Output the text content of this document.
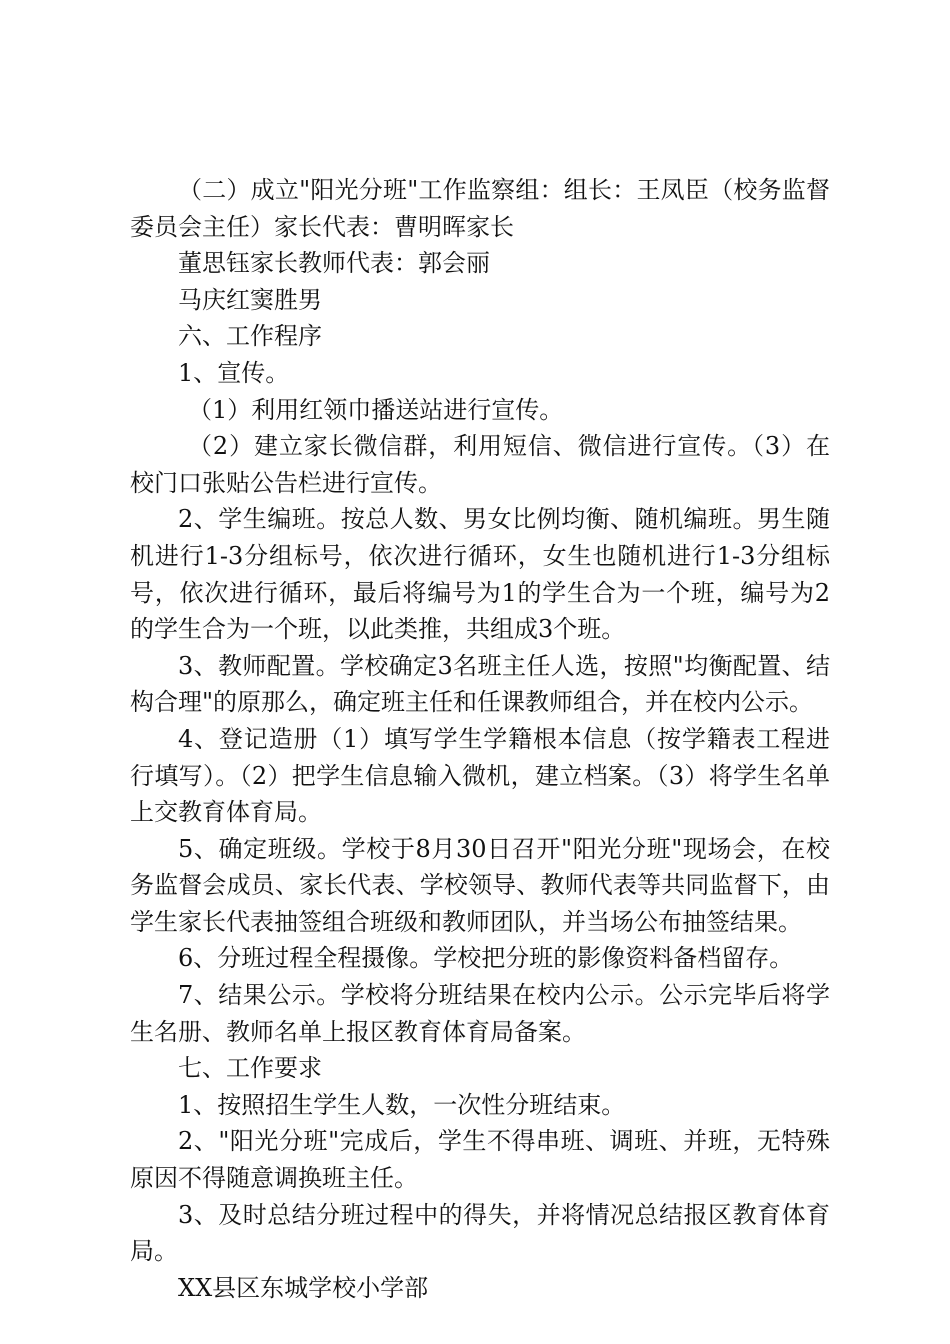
（二）成立"阳光分班"工作监察组：组长：王凤臣（校务监督委员会主任）家长代表：曹明晖家长

董思钰家长教师代表：郭会丽

马庆红窦胜男

六、工作程序

1、宣传。

（1）利用红领巾播送站进行宣传。

（2）建立家长微信群，利用短信、微信进行宣传。（3）在校门口张贴公告栏进行宣传。

2、学生编班。按总人数、男女比例均衡、随机编班。男生随机进行1-3分组标号，依次进行循环，女生也随机进行1-3分组标号，依次进行循环，最后将编号为1的学生合为一个班，编号为2的学生合为一个班，以此类推，共组成3个班。

3、教师配置。学校确定3名班主任人选，按照"均衡配置、结构合理"的原那么，确定班主任和任课教师组合，并在校内公示。

4、登记造册（1）填写学生学籍根本信息（按学籍表工程进行填写）。（2）把学生信息输入微机，建立档案。（3）将学生名单上交教育体育局。

5、确定班级。学校于8月30日召开"阳光分班"现场会，在校务监督会成员、家长代表、学校领导、教师代表等共同监督下，由学生家长代表抽签组合班级和教师团队，并当场公布抽签结果。

6、分班过程全程摄像。学校把分班的影像资料备档留存。

7、结果公示。学校将分班结果在校内公示。公示完毕后将学生名册、教师名单上报区教育体育局备案。

七、工作要求

1、按照招生学生人数，一次性分班结束。

2、"阳光分班"完成后，学生不得串班、调班、并班，无特殊原因不得随意调换班主任。

3、及时总结分班过程中的得失，并将情况总结报区教育体育局。

XX县区东城学校小学部
